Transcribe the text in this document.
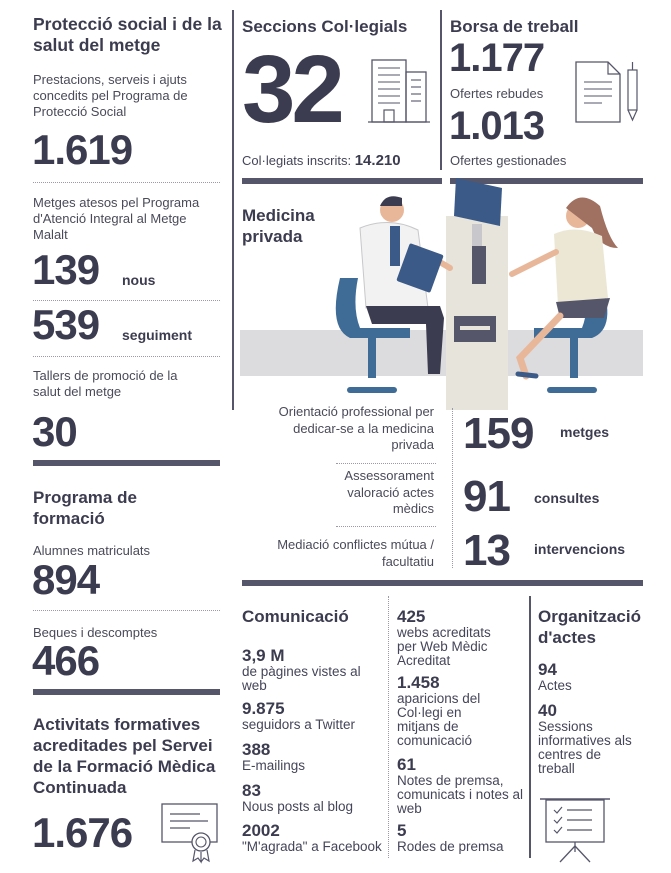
Protecció social i de la salut del metge
Prestacions, serveis i ajuts concedits pel Programa de Protecció Social
1.619
Metges atesos pel Programa d'Atenció Integral al Metge Malalt
139 nous
539 seguiment
Tallers de promoció de la salut del metge
30
Programa de formació
Alumnes matriculats
894
Beques i descomptes
466
Activitats formatives acreditades pel Servei de la Formació Mèdica Continuada
1.676
Seccions Col·legials
32
Col·legiats inscrits: 14.210
Borsa de treball
1.177
Ofertes rebudes
1.013
Ofertes gestionades
Medicina privada
Orientació professional per dedicar-se a la medicina privada 159 metges
Assessorament valoració actes mèdics 91 consultes
Mediació conflictes mútua / facultatiu 13 intervencions
Comunicació
3,9 M
de pàgines vistes al web
9.875
seguidors a Twitter
388
E-mailings
83
Nous posts al blog
2002
"M'agrada" a Facebook
425
webs acreditats per Web Mèdic Acreditat
1.458
aparicions del Col·legi en mitjans de comunicació
61
Notes de premsa, comunicats i notes al web
5
Rodes de premsa
Organització d'actes
94
Actes
40
Sessions informatives als centres de treball
